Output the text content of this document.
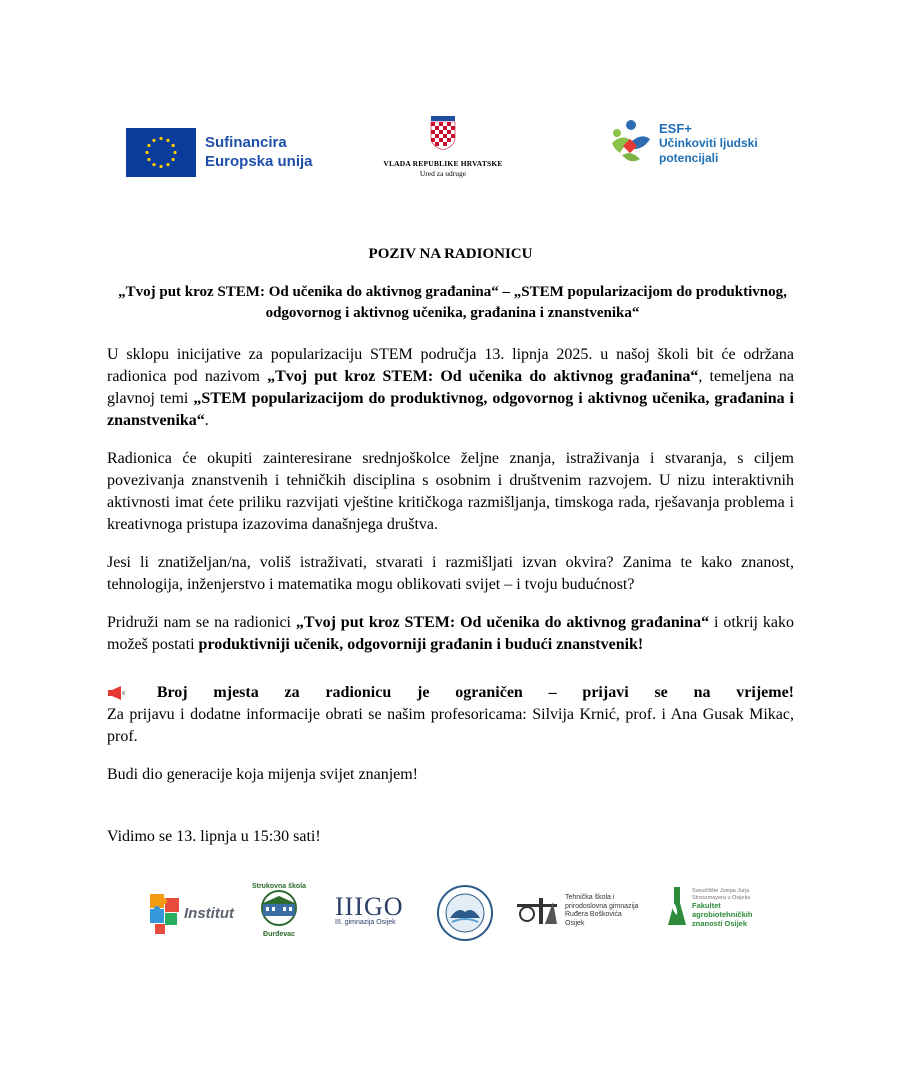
Sufinancira
Europska unija	VLADA REPUBLIKE HRVATSKE
Ured za udruge
ESF+
Učinkoviti ljudski
potencijali
POZIV NA RADIONICU
„Tvoj put kroz STEM: Od učenika do aktivnog građanina“ – „STEM popularizacijom do produktivnog, odgovornog i aktivnog učenika, građanina i znanstvenika“
U sklopu inicijative za popularizaciju STEM područja 13. lipnja 2025. u našoj školi bit će održana radionica pod nazivom „Tvoj put kroz STEM: Od učenika do aktivnog građanina“, temeljena na glavnoj temi „STEM popularizacijom do produktivnog, odgovornog i aktivnog učenika, građanina i znanstvenika“.
Radionica će okupiti zainteresirane srednjoškolce željne znanja, istraživanja i stvaranja, s ciljem povezivanja znanstvenih i tehničkih disciplina s osobnim i društvenim razvojem. U nizu interaktivnih aktivnosti imat ćete priliku razvijati vještine kritičkoga razmišljanja, timskoga rada, rješavanja problema i kreativnoga pristupa izazovima današnjega društva.
Jesi li znatiželjan/na, voliš istraživati, stvarati i razmišljati izvan okvira? Zanima te kako znanost, tehnologija, inženjerstvo i matematika mogu oblikovati svijet – i tvoju budućnost?
Pridruži nam se na radionici „Tvoj put kroz STEM: Od učenika do aktivnog građanina“ i otkrij kako možeš postati produktivniji učenik, odgovorniji građanin i budući znanstvenik!
Broj mjesta za radionicu je ograničen – prijavi se na vrijeme!
Za prijavu i dodatne informacije obrati se našim profesoricama: Silvija Krnić, prof. i Ana Gusak Mikac, prof.
Budi dio generacije koja mijenja svijet znanjem!
Vidimo se 13. lipnja u 15:30 sati!
Institut
Strukovna škola
Đurđevac
IIIGO
III. gimnazija Osijek
Tehnička škola i
prirodoslovna gimnazija
Ruđera Boškovića
Osijek
Sveučilište Josipa Jurja
Strossmayera u Osijeku
Fakultet
agrobiotehničkih
znanosti Osijek
